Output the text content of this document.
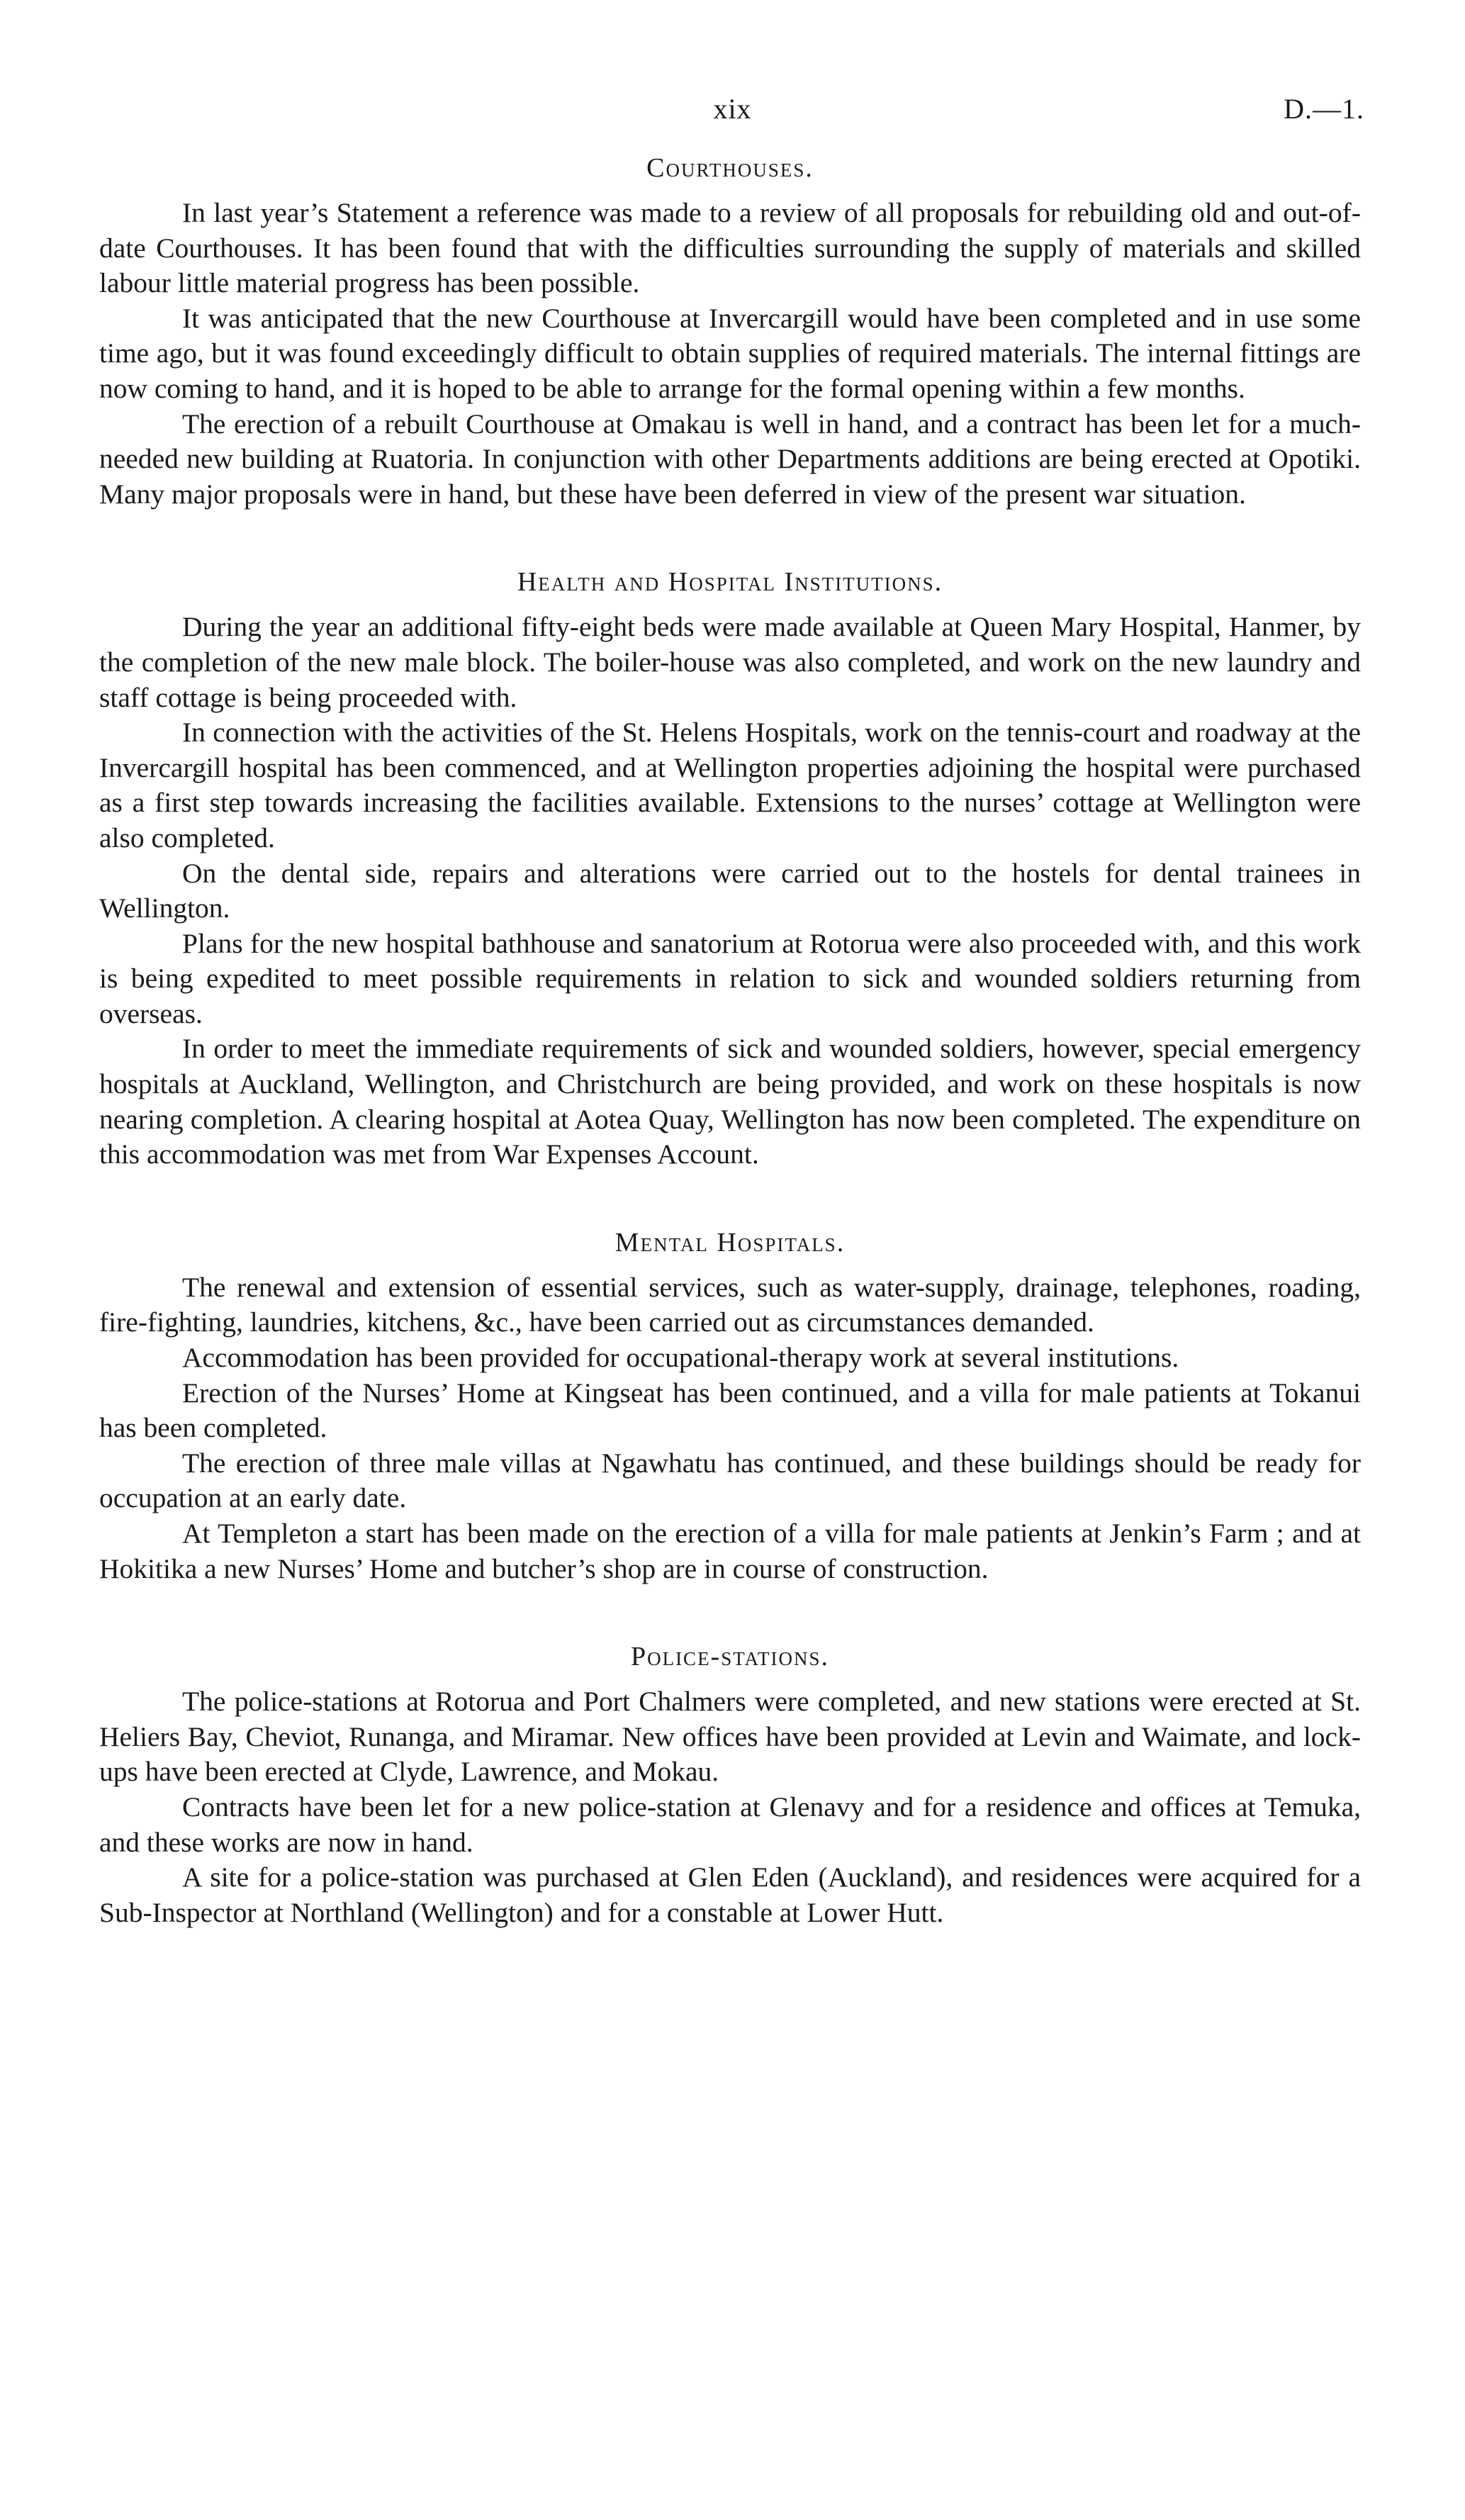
xix	D.—1.
Courthouses.

In last year’s Statement a reference was made to a review of all proposals for rebuilding old and out-of-date Courthouses. It has been found that with the difficulties surrounding the supply of materials and skilled labour little material progress has been possible.

It was anticipated that the new Courthouse at Invercargill would have been completed and in use some time ago, but it was found exceedingly difficult to obtain supplies of required materials. The internal fittings are now coming to hand, and it is hoped to be able to arrange for the formal opening within a few months.

The erection of a rebuilt Courthouse at Omakau is well in hand, and a contract has been let for a much-needed new building at Ruatoria. In conjunction with other Departments additions are being erected at Opotiki. Many major proposals were in hand, but these have been deferred in view of the present war situation.

Health and Hospital Institutions.

During the year an additional fifty-eight beds were made available at Queen Mary Hospital, Hanmer, by the completion of the new male block. The boiler-house was also completed, and work on the new laundry and staff cottage is being proceeded with.

In connection with the activities of the St. Helens Hospitals, work on the tennis-court and roadway at the Invercargill hospital has been commenced, and at Wellington properties adjoining the hospital were purchased as a first step towards increasing the facilities available. Extensions to the nurses’ cottage at Wellington were also completed.

On the dental side, repairs and alterations were carried out to the hostels for dental trainees in Wellington.

Plans for the new hospital bathhouse and sanatorium at Rotorua were also proceeded with, and this work is being expedited to meet possible requirements in relation to sick and wounded soldiers returning from overseas.

In order to meet the immediate requirements of sick and wounded soldiers, however, special emergency hospitals at Auckland, Wellington, and Christchurch are being provided, and work on these hospitals is now nearing completion. A clearing hospital at Aotea Quay, Wellington has now been completed. The expenditure on this accommodation was met from War Expenses Account.

Mental Hospitals.

The renewal and extension of essential services, such as water-supply, drainage, telephones, roading, fire-fighting, laundries, kitchens, &c., have been carried out as circumstances demanded.

Accommodation has been provided for occupational-therapy work at several institutions.

Erection of the Nurses’ Home at Kingseat has been continued, and a villa for male patients at Tokanui has been completed.

The erection of three male villas at Ngawhatu has continued, and these buildings should be ready for occupation at an early date.

At Templeton a start has been made on the erection of a villa for male patients at Jenkin’s Farm ; and at Hokitika a new Nurses’ Home and butcher’s shop are in course of construction.

Police-stations.

The police-stations at Rotorua and Port Chalmers were completed, and new stations were erected at St. Heliers Bay, Cheviot, Runanga, and Miramar. New offices have been provided at Levin and Waimate, and lock-ups have been erected at Clyde, Lawrence, and Mokau.

Contracts have been let for a new police-station at Glenavy and for a residence and offices at Temuka, and these works are now in hand.

A site for a police-station was purchased at Glen Eden (Auckland), and residences were acquired for a Sub-Inspector at Northland (Wellington) and for a constable at Lower Hutt.
